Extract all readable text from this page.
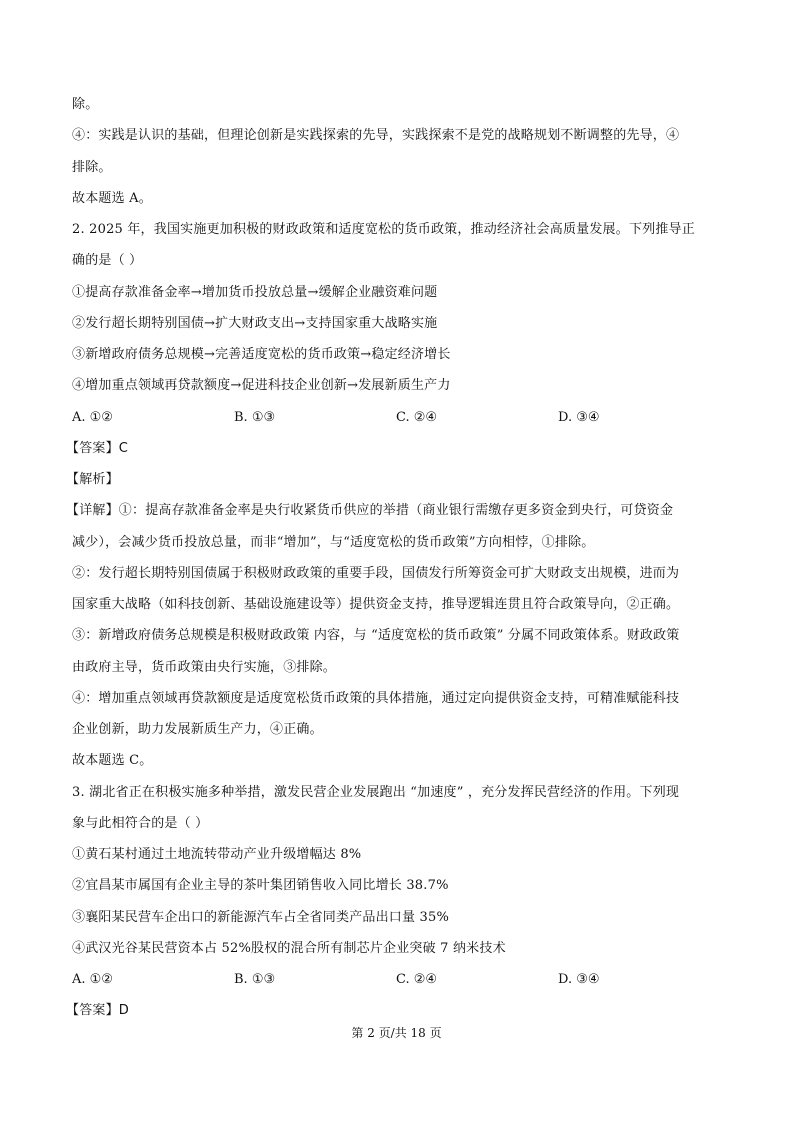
除。
④：实践是认识的基础，但理论创新是实践探索的先导，实践探索不是党的战略规划不断调整的先导，④
排除。
故本题选 A。
2. 2025 年，我国实施更加积极的财政政策和适度宽松的货币政策，推动经济社会高质量发展。下列推导正
确的是（ ）
①提高存款准备金率→增加货币投放总量→缓解企业融资难问题
②发行超长期特别国债→扩大财政支出→支持国家重大战略实施
③新增政府债务总规模→完善适度宽松的货币政策→稳定经济增长
④增加重点领域再贷款额度→促进科技企业创新→发展新质生产力
A. ①②	B. ①③	C. ②④	D. ③④
【答案】C
【解析】
【详解】①：提高存款准备金率是央行收紧货币供应的举措（商业银行需缴存更多资金到央行，可贷资金
减少），会减少货币投放总量，而非“增加”，与“适度宽松的货币政策”方向相悖，①排除。
②：发行超长期特别国债属于积极财政政策的重要手段，国债发行所筹资金可扩大财政支出规模，进而为
国家重大战略（如科技创新、基础设施建设等）提供资金支持，推导逻辑连贯且符合政策导向，②正确。
③：新增政府债务总规模是积极财政政策 内容，与 “适度宽松的货币政策” 分属不同政策体系。财政政策
由政府主导，货币政策由央行实施，③排除。
④：增加重点领域再贷款额度是适度宽松货币政策的具体措施，通过定向提供资金支持，可精准赋能科技
企业创新，助力发展新质生产力，④正确。
故本题选 C。
3. 湖北省正在积极实施多种举措，激发民营企业发展跑出 “加速度” ，充分发挥民营经济的作用。下列现
象与此相符合的是（ ）
①黄石某村通过土地流转带动产业升级增幅达 8%
②宜昌某市属国有企业主导的茶叶集团销售收入同比增长 38.7%
③襄阳某民营车企出口的新能源汽车占全省同类产品出口量 35%
④武汉光谷某民营资本占 52%股权的混合所有制芯片企业突破 7 纳米技术
A. ①②	B. ①③	C. ②④	D. ③④
【答案】D
第 2 页/共 18 页
